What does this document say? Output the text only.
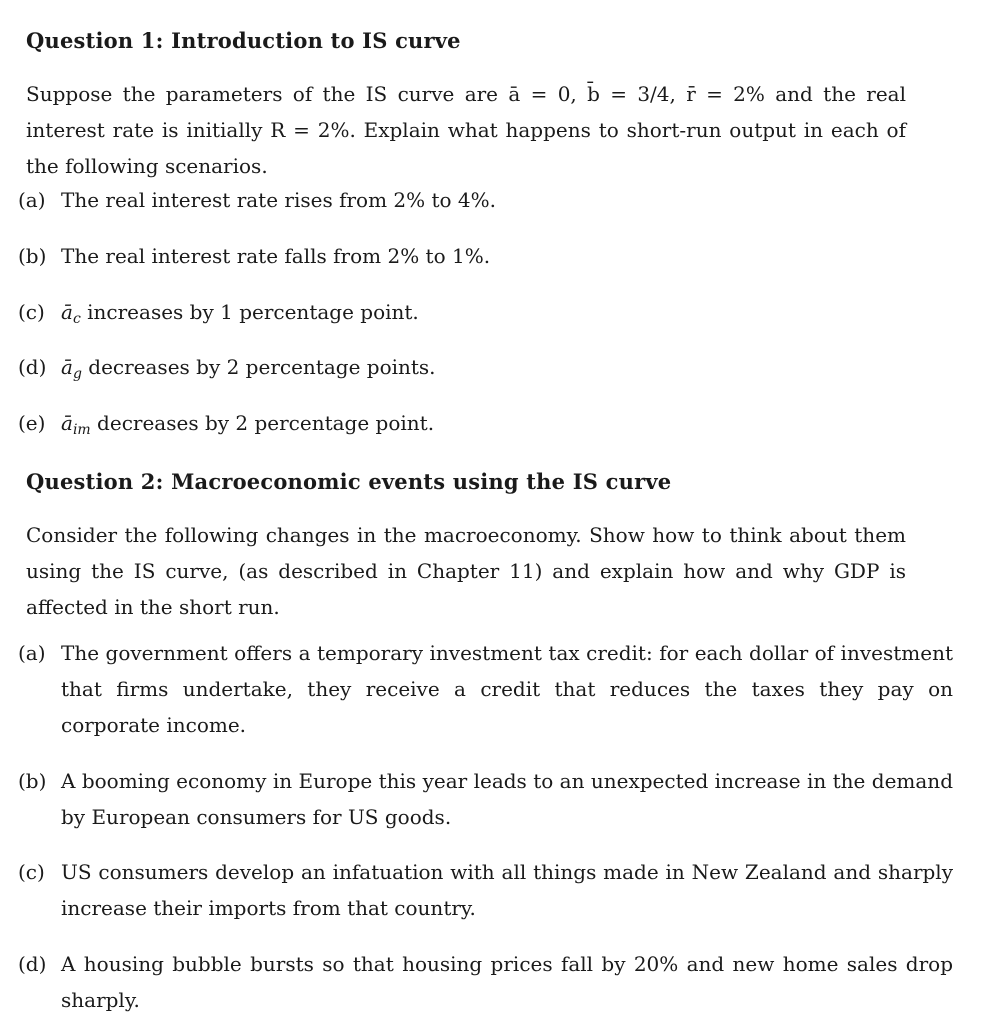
Question 1: Introduction to IS curve
Suppose the parameters of the IS curve are ā = 0, b̄ = 3/4, r̄ = 2% and the real
interest rate is initially R = 2%. Explain what happens to short-run output in each of
the following scenarios.
(a) The real interest rate rises from 2% to 4%.
(b) The real interest rate falls from 2% to 1%.
(c) $ā_c$ increases by 1 percentage point.
(d) $ā_g$ decreases by 2 percentage points.
(e) $ā_{im}$ decreases by 2 percentage point.
Question 2: Macroeconomic events using the IS curve
Consider the following changes in the macroeconomy. Show how to think about them using the IS curve, (as described in Chapter 11) and explain how and why GDP is affected in the short run.
(a) The government offers a temporary investment tax credit: for each dollar of investment that firms undertake, they receive a credit that reduces the taxes they pay on corporate income.
(b) A booming economy in Europe this year leads to an unexpected increase in the demand by European consumers for US goods.
(c) US consumers develop an infatuation with all things made in New Zealand and sharply increase their imports from that country.
(d) A housing bubble bursts so that housing prices fall by 20% and new home sales drop sharply.
